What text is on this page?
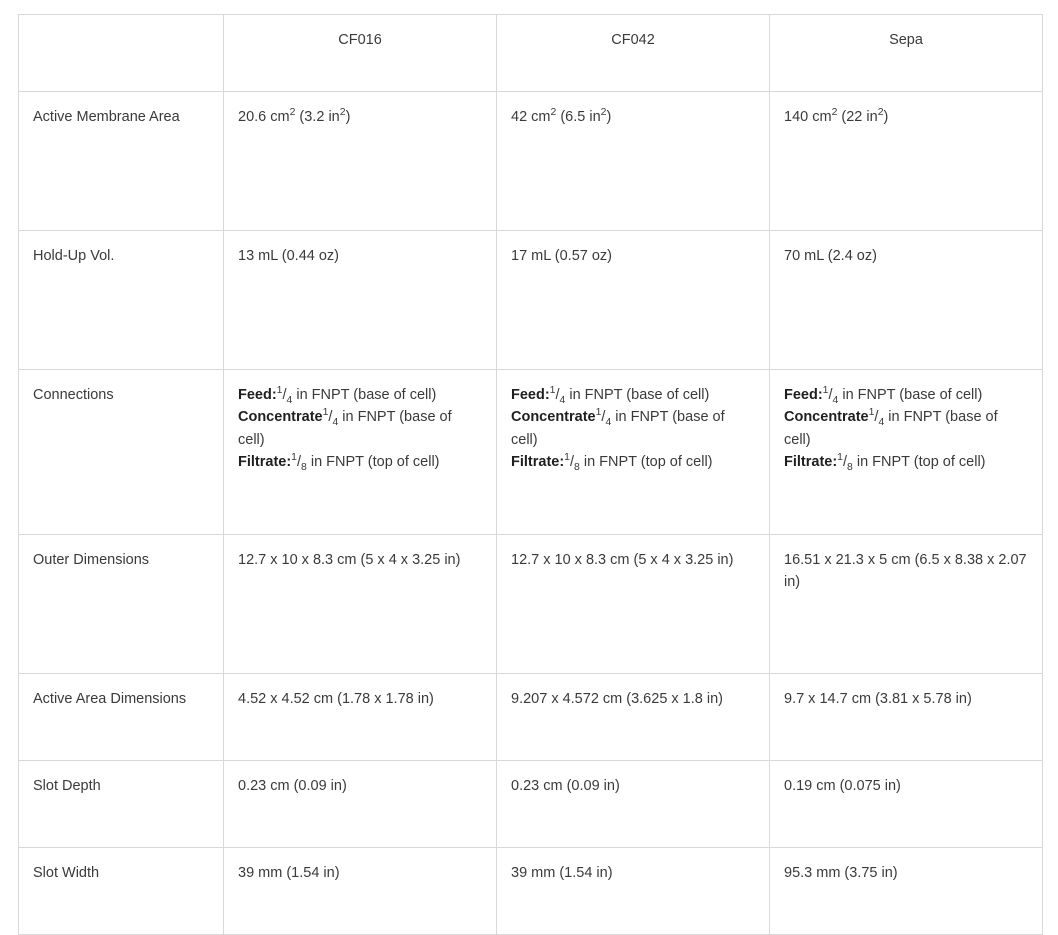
	CF016	CF042	Sepa
Active Membrane Area	20.6 $cm^2$ (3.2 $in^2$)	42 $cm^2$ (6.5 $in^2$)	140 $cm^2$ (22 $in^2$)
Hold-Up Vol.	13 mL (0.44 oz)	17 mL (0.57 oz)	70 mL (2.4 oz)
Connections	$Feed:^1/_4$ in FNPT (base of cell)
$Concentrate^1/_4$ in FNPT (base of cell)
$Filtrate:^1/_8$ in FNPT (top of cell)	$Feed:^1/_4$ in FNPT (base of cell)
$Concentrate^1/_4$ in FNPT (base of cell)
$Filtrate:^1/_8$ in FNPT (top of cell)	$Feed:^1/_4$ in FNPT (base of cell)
$Concentrate^1/_4$ in FNPT (base of cell)
$Filtrate:^1/_8$ in FNPT (top of cell)

Outer Dimensions	12.7 x 10 x 8.3 cm (5 x 4 x 3.25 in)	12.7 x 10 x 8.3 cm (5 x 4 x 3.25 in)	16.51 x 21.3 x 5 cm (6.5 x 8.38 x 2.07 in)
Active Area Dimensions	4.52 x 4.52 cm (1.78 x 1.78 in)	9.207 x 4.572 cm (3.625 x 1.8 in)	9.7 x 14.7 cm (3.81 x 5.78 in)
Slot Depth	0.23 cm (0.09 in)	0.23 cm (0.09 in)	0.19 cm (0.075 in)
Slot Width	39 mm (1.54 in)	39 mm (1.54 in)	95.3 mm (3.75 in)
